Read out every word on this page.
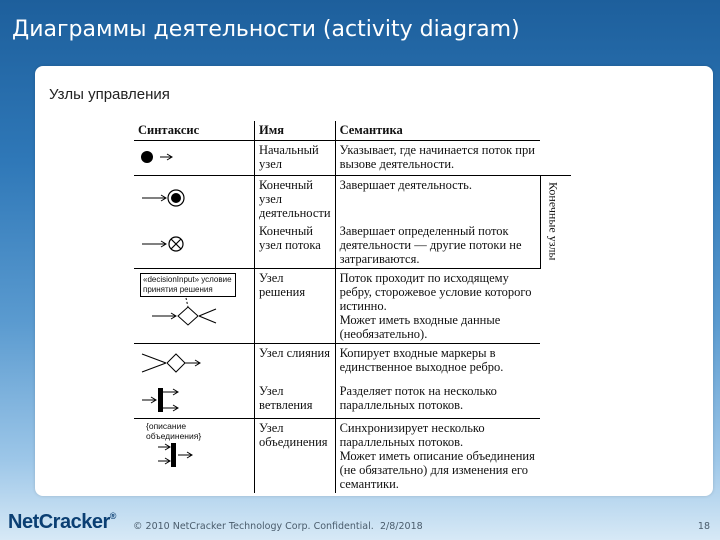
Диаграммы деятельности (activity diagram)
Узлы управления
Синтаксис	Имя	Семантика	

	Начальный узел	Указывает, где начинается поток при вызове деятельности.	

	Конечный узел деятельности	Завершает деятельность.	Конечные узлы

	Конечный узел потока	Завершает определенный поток деятельности — другие потоки не затрагиваются.	

«decisionInput» условие принятия решения	Узел решения	Поток проходит по исходящему ребру, сторожевое условие которого истинно.
Может иметь входные данные (необязательно).	

	Узел слияния	Копирует входные маркеры в единственное выходное ребро.	

	Узел ветвления	Разделяет поток на несколько параллельных потоков.	

{описание объединения}	Узел объединения	Синхронизирует несколько параллельных потоков.
Может иметь описание объединения (не обязательно) для изменения его семантики.	

NetCracker®
© 2010 NetCracker Technology Corp. Confidential. 2/8/2018	18
